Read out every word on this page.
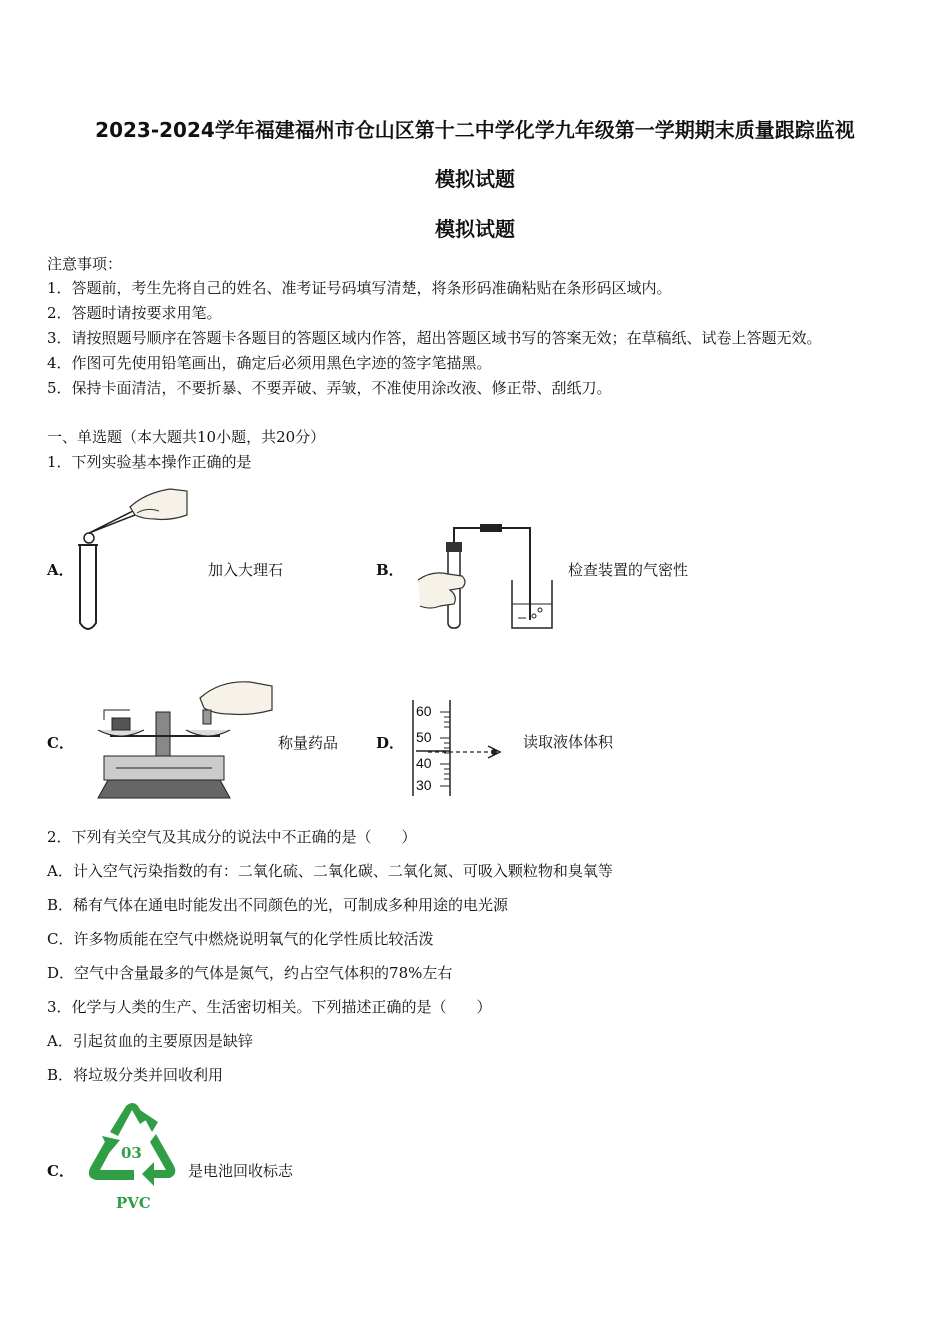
2023-2024学年福建福州市仓山区第十二中学化学九年级第一学期期末质量跟踪监视
模拟试题
模拟试题
注意事项：
1．答题前，考生先将自己的姓名、准考证号码填写清楚，将条形码准确粘贴在条形码区域内。
2．答题时请按要求用笔。
3．请按照题号顺序在答题卡各题目的答题区域内作答，超出答题区域书写的答案无效；在草稿纸、试卷上答题无效。
4．作图可先使用铅笔画出，确定后必须用黑色字迹的签字笔描黑。
5．保持卡面清洁，不要折暴、不要弄破、弄皱，不准使用涂改液、修正带、刮纸刀。
一、单选题（本大题共10小题，共20分）
1．下列实验基本操作正确的是
A．	加入大理石	B．	检查装置的气密性
C．	称量药品	D．
60
50
40
30
读取液体体积
2．下列有关空气及其成分的说法中不正确的是（　　）
A．计入空气污染指数的有：二氧化硫、二氧化碳、二氧化氮、可吸入颗粒物和臭氧等
B．稀有气体在通电时能发出不同颜色的光，可制成多种用途的电光源
C．许多物质能在空气中燃烧说明氧气的化学性质比较活泼
D．空气中含量最多的气体是氮气，约占空气体积的78%左右
3．化学与人类的生产、生活密切相关。下列描述正确的是（　　）
A．引起贫血的主要原因是缺锌
B．将垃圾分类并回收利用
C．
03
PVC
是电池回收标志
